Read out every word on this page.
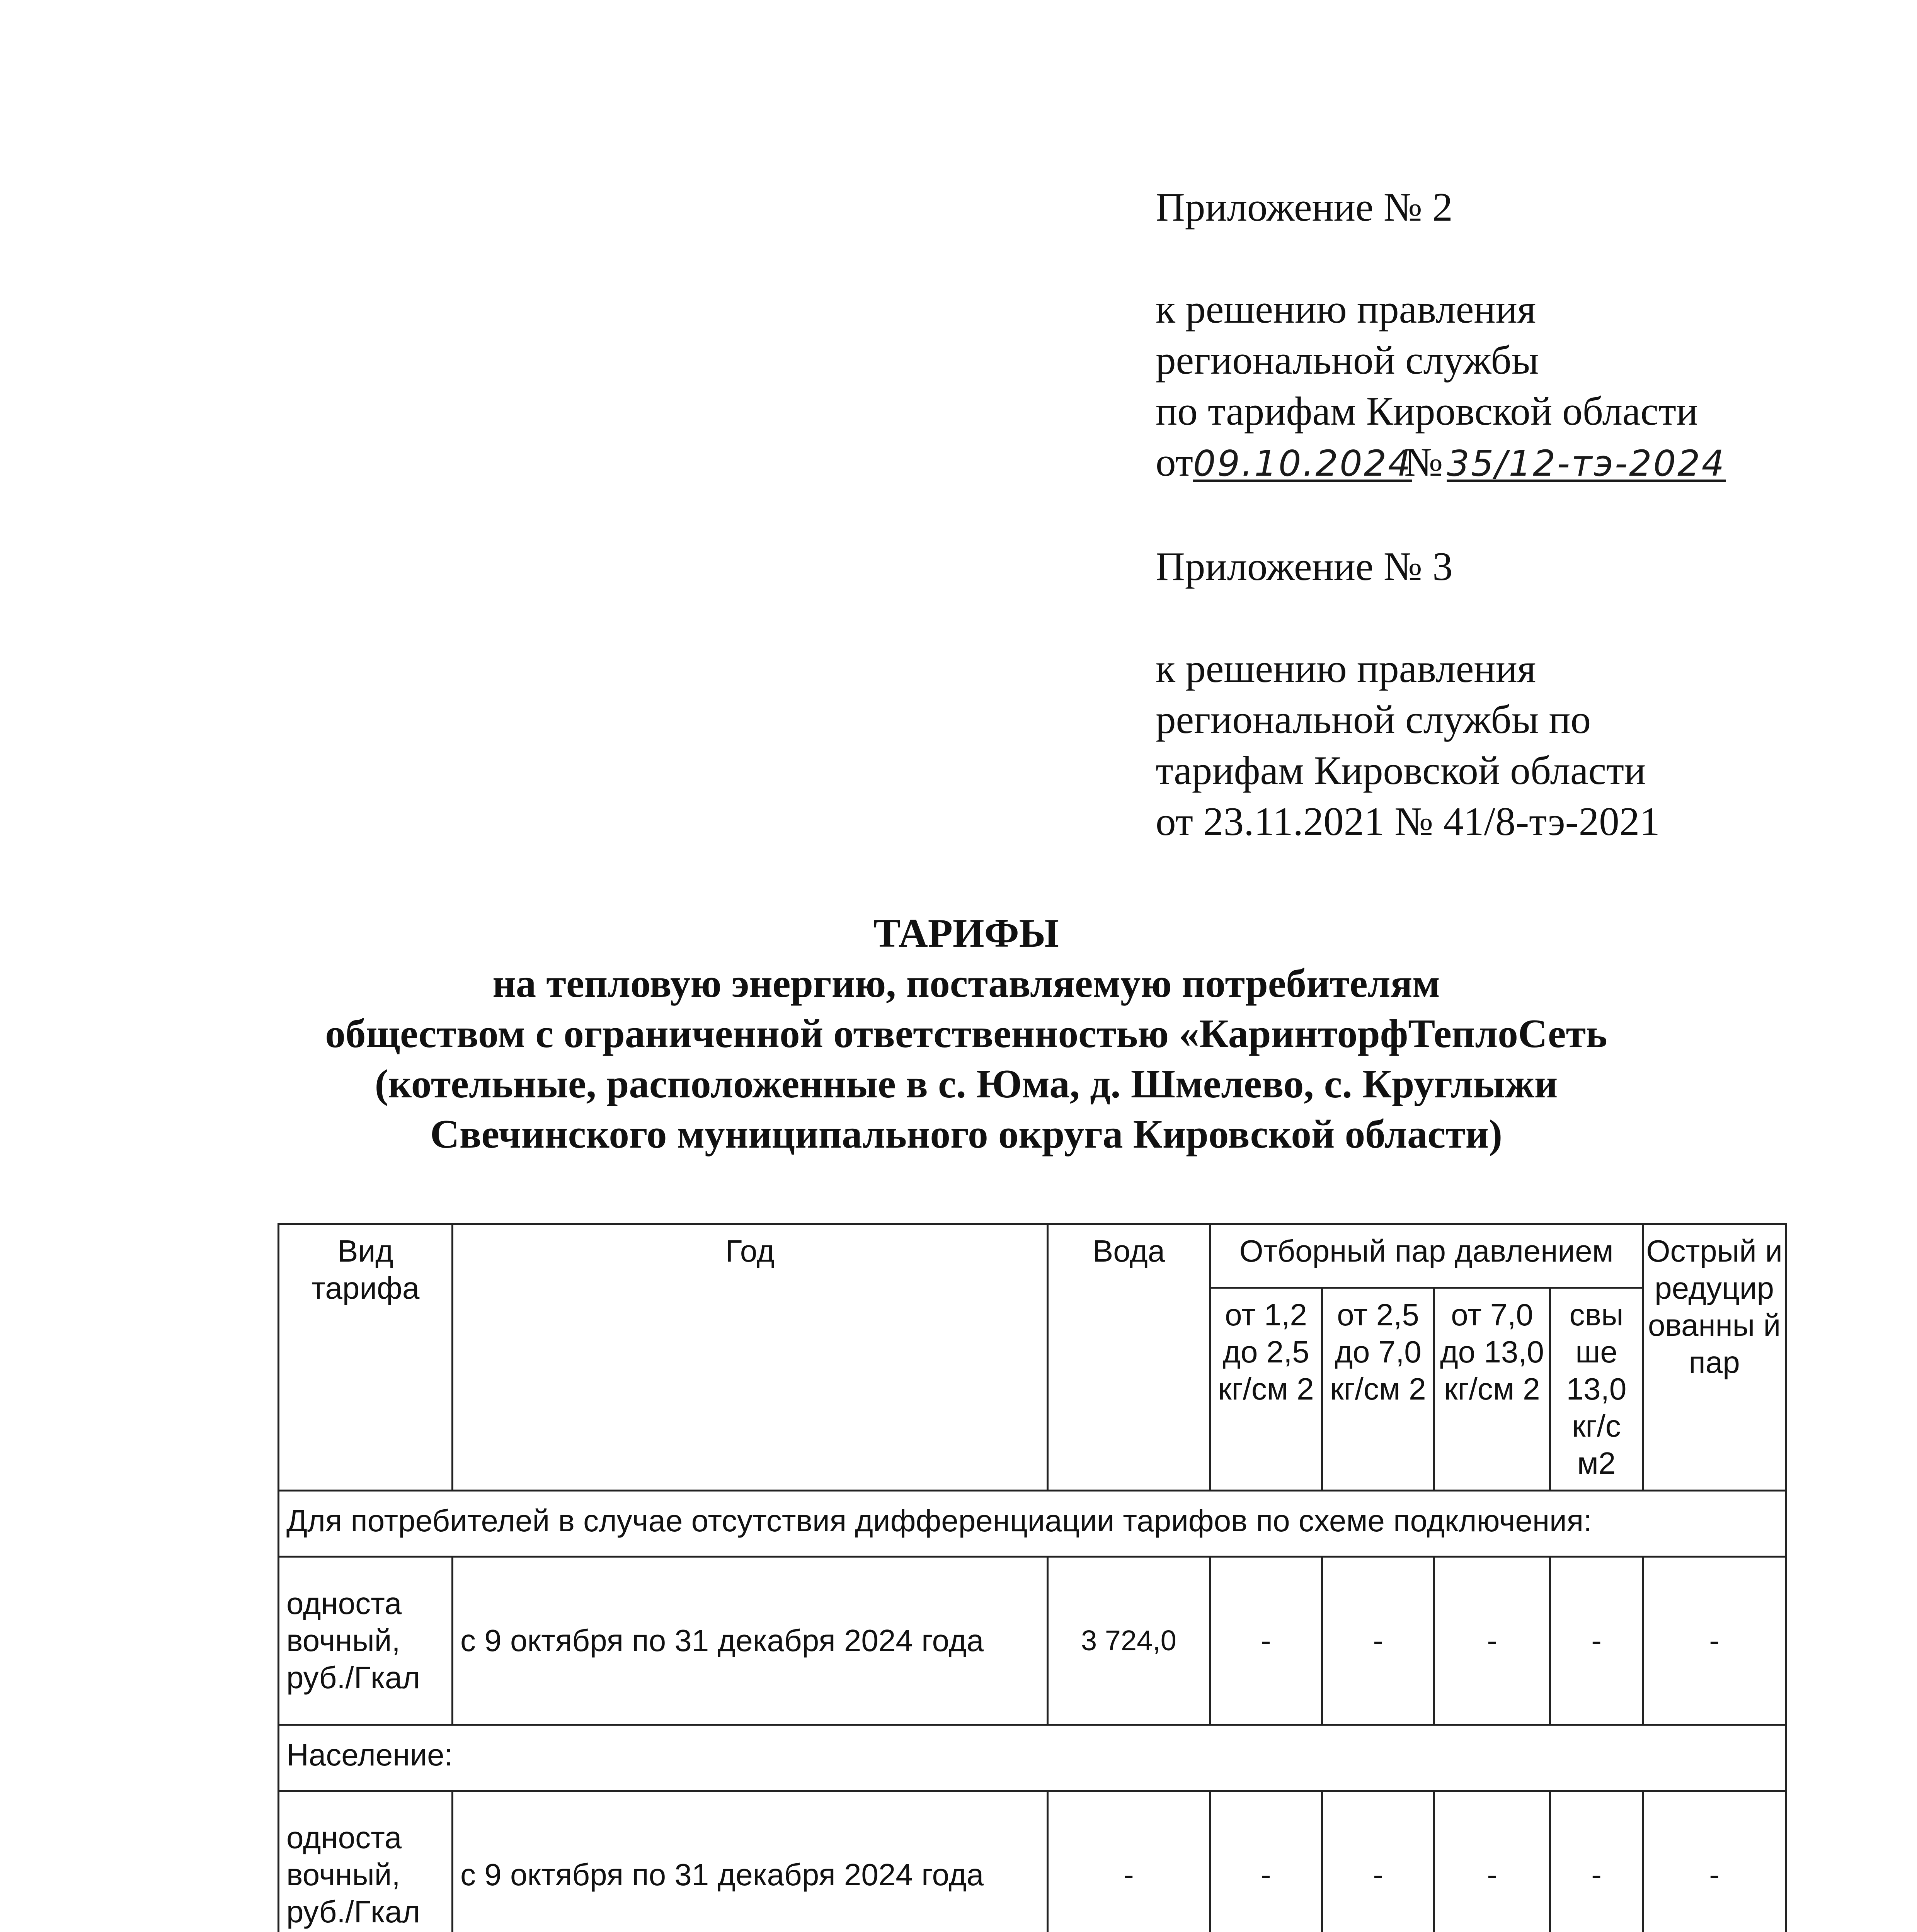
Приложение № 2
к решению правления
региональной службы
по тарифам Кировской области
от09.10.2024 № 35/12-тэ-2024
Приложение № 3
к решению правления
региональной службы по
тарифам Кировской области
от 23.11.2021 № 41/8-тэ-2021
ТАРИФЫ
на тепловую энергию, поставляемую потребителям
обществом с ограниченной ответственностью «КаринторфТеплоСеть
(котельные, расположенные в с. Юма, д. Шмелево, с. Круглыжи
Свечинского муниципального округа Кировской области)
Вид тарифа	Год	Вода	Отборный пар давлением				Острый и редуцир ованны й пар
			от 1,2 до 2,5 кг/см 2	от 2,5 до 7,0 кг/см 2	от 7,0 до 13,0 кг/см 2	свы ше 13,0 кг/с м2	
Для потребителей в случае отсутствия дифференциации тарифов по схеме подключения:							
односта вочный, руб./Гкал	с 9 октября по 31 декабря 2024 года	3 724,0	-	-	-	-	-
Население:							
односта вочный, руб./Гкал	с 9 октября по 31 декабря 2024 года	-	-	-	-	-	-
